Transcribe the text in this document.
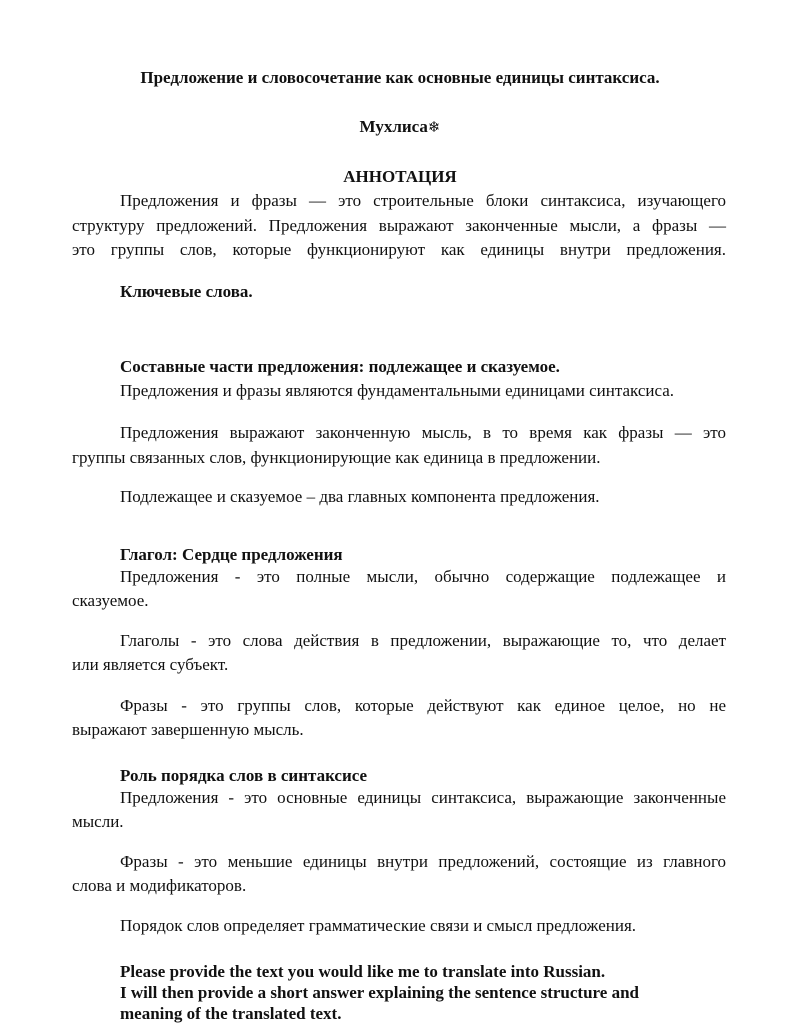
Предложение и словосочетание как основные единицы синтаксиса.
Мухлиса❄
АННОТАЦИЯ
Предложения и фразы — это строительные блоки синтаксиса, изучающего
структуру предложений. Предложения выражают законченные мысли, а фразы —
это группы слов, которые функционируют как единицы внутри предложения.
Ключевые слова.
Составные части предложения: подлежащее и сказуемое.
Предложения и фразы являются фундаментальными единицами синтаксиса.
Предложения выражают законченную мысль, в то время как фразы — это
группы связанных слов, функционирующие как единица в предложении.
Подлежащее и сказуемое – два главных компонента предложения.
Глагол: Сердце предложения
Предложения - это полные мысли, обычно содержащие подлежащее и
сказуемое.
Глаголы - это слова действия в предложении, выражающие то, что делает
или является субъект.
Фразы - это группы слов, которые действуют как единое целое, но не
выражают завершенную мысль.
Роль порядка слов в синтаксисе
Предложения - это основные единицы синтаксиса, выражающие законченные
мысли.
Фразы - это меньшие единицы внутри предложений, состоящие из главного
слова и модификаторов.
Порядок слов определяет грамматические связи и смысл предложения.
Please provide the text you would like me to translate into Russian.
I will then provide a short answer explaining the sentence structure and
meaning of the translated text.
